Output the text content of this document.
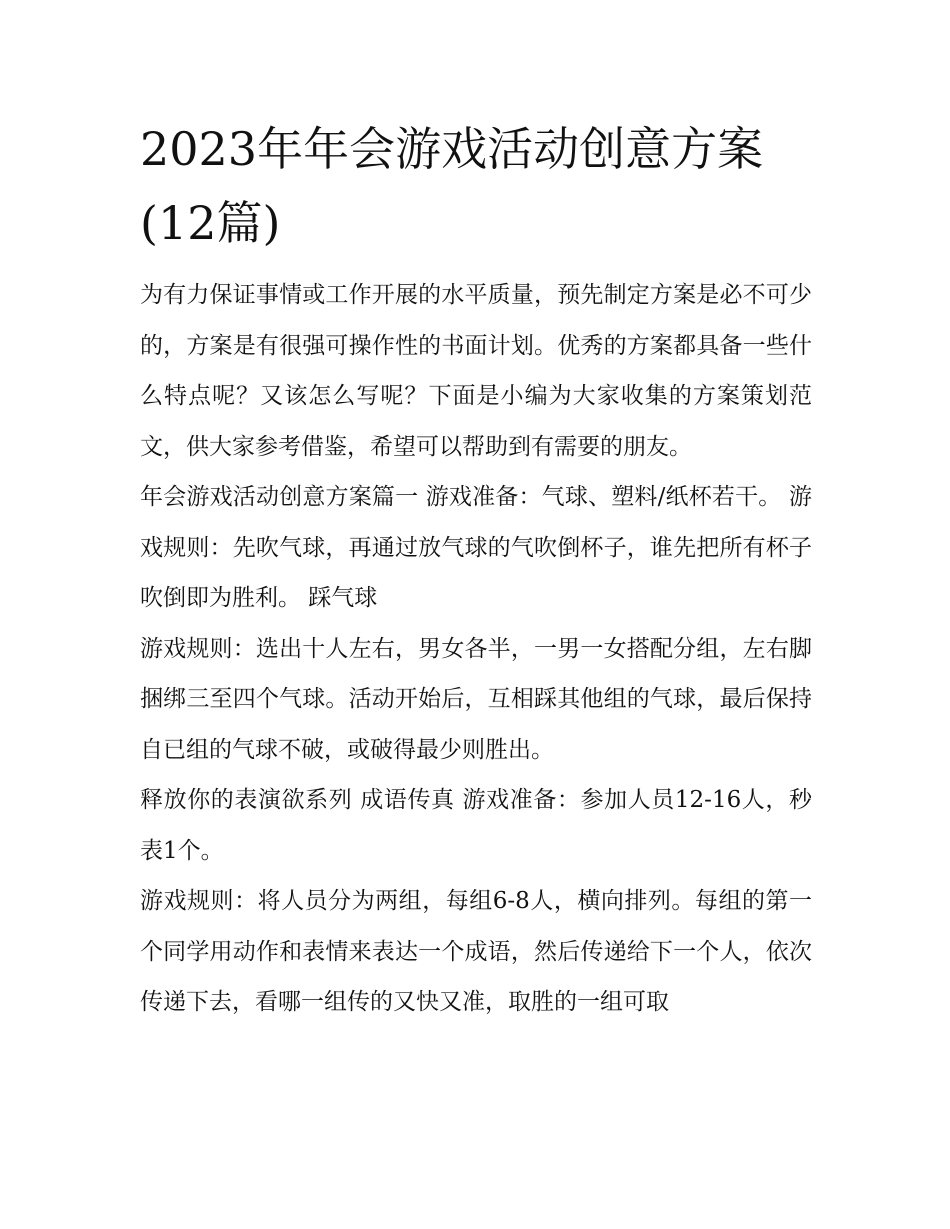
2023年年会游戏活动创意方案
(12篇)

为有力保证事情或工作开展的水平质量，预先制定方案是必不可少的，方案是有很强可操作性的书面计划。优秀的方案都具备一些什么特点呢？又该怎么写呢？下面是小编为大家收集的方案策划范文，供大家参考借鉴，希望可以帮助到有需要的朋友。

年会游戏活动创意方案篇一 游戏准备：气球、塑料/纸杯若干。 游戏规则：先吹气球，再通过放气球的气吹倒杯子，谁先把所有杯子吹倒即为胜利。 踩气球

游戏规则：选出十人左右，男女各半，一男一女搭配分组，左右脚捆绑三至四个气球。活动开始后，互相踩其他组的气球，最后保持自已组的气球不破，或破得最少则胜出。

释放你的表演欲系列 成语传真 游戏准备：参加人员12-16人，秒表1个。

游戏规则：将人员分为两组，每组6-8人，横向排列。每组的第一个同学用动作和表情来表达一个成语，然后传递给下一个人，依次传递下去，看哪一组传的又快又准，取胜的一组可取
